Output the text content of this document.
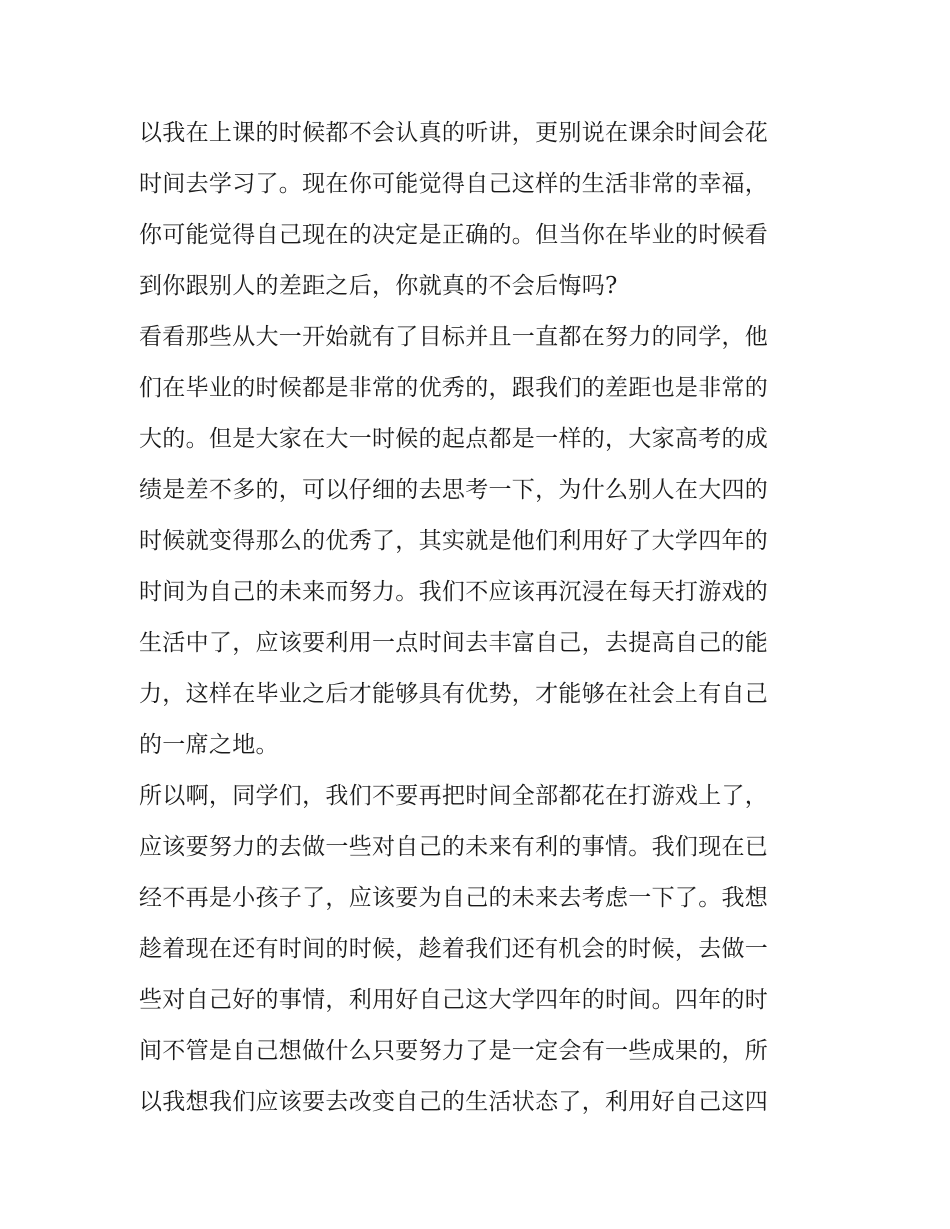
以我在上课的时候都不会认真的听讲，更别说在课余时间会花
时间去学习了。现在你可能觉得自己这样的生活非常的幸福，
你可能觉得自己现在的决定是正确的。但当你在毕业的时候看
到你跟别人的差距之后，你就真的不会后悔吗?
看看那些从大一开始就有了目标并且一直都在努力的同学，他
们在毕业的时候都是非常的优秀的，跟我们的差距也是非常的
大的。但是大家在大一时候的起点都是一样的，大家高考的成
绩是差不多的，可以仔细的去思考一下，为什么别人在大四的
时候就变得那么的优秀了，其实就是他们利用好了大学四年的
时间为自己的未来而努力。我们不应该再沉浸在每天打游戏的
生活中了，应该要利用一点时间去丰富自己，去提高自己的能
力，这样在毕业之后才能够具有优势，才能够在社会上有自己
的一席之地。
所以啊，同学们，我们不要再把时间全部都花在打游戏上了，
应该要努力的去做一些对自己的未来有利的事情。我们现在已
经不再是小孩子了，应该要为自己的未来去考虑一下了。我想
趁着现在还有时间的时候，趁着我们还有机会的时候，去做一
些对自己好的事情，利用好自己这大学四年的时间。四年的时
间不管是自己想做什么只要努力了是一定会有一些成果的，所
以我想我们应该要去改变自己的生活状态了，利用好自己这四
